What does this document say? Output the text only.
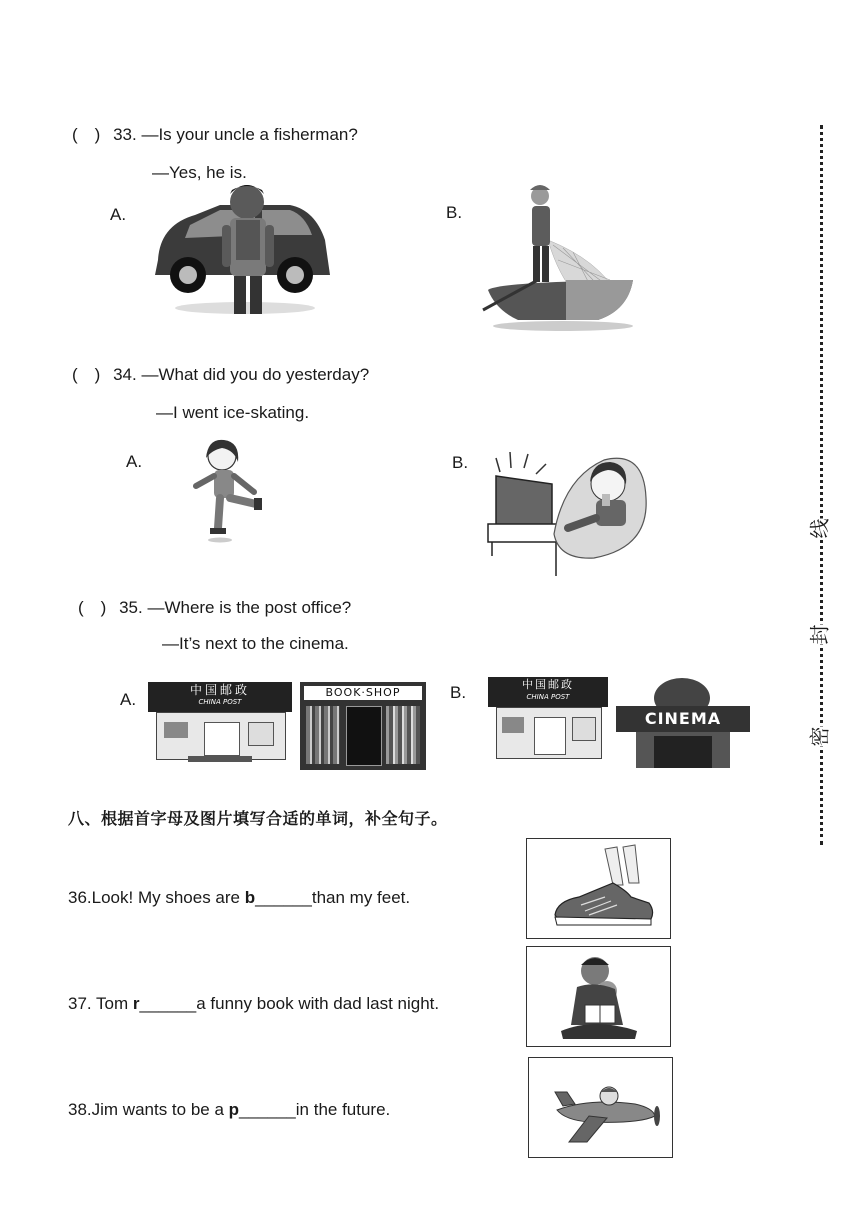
(　) 33. —Is your uncle a fisherman?
—Yes, he is.
A.	B.
(　) 34. —What did you do yesterday?
—I went ice-skating.
A.	B.
(　) 35. —Where is the post office?
—It’s next to the cinema.
A.	B.
中国邮政
CHINA POST
BOOK·SHOP
中国邮政
CHINA POST
CINEMA
八、根据首字母及图片填写合适的单词，补全句子。
36.Look! My shoes are b______than my feet.
37. Tom r______a funny book with dad last night.
38.Jim wants to be a p______in the future.
线
封
密
